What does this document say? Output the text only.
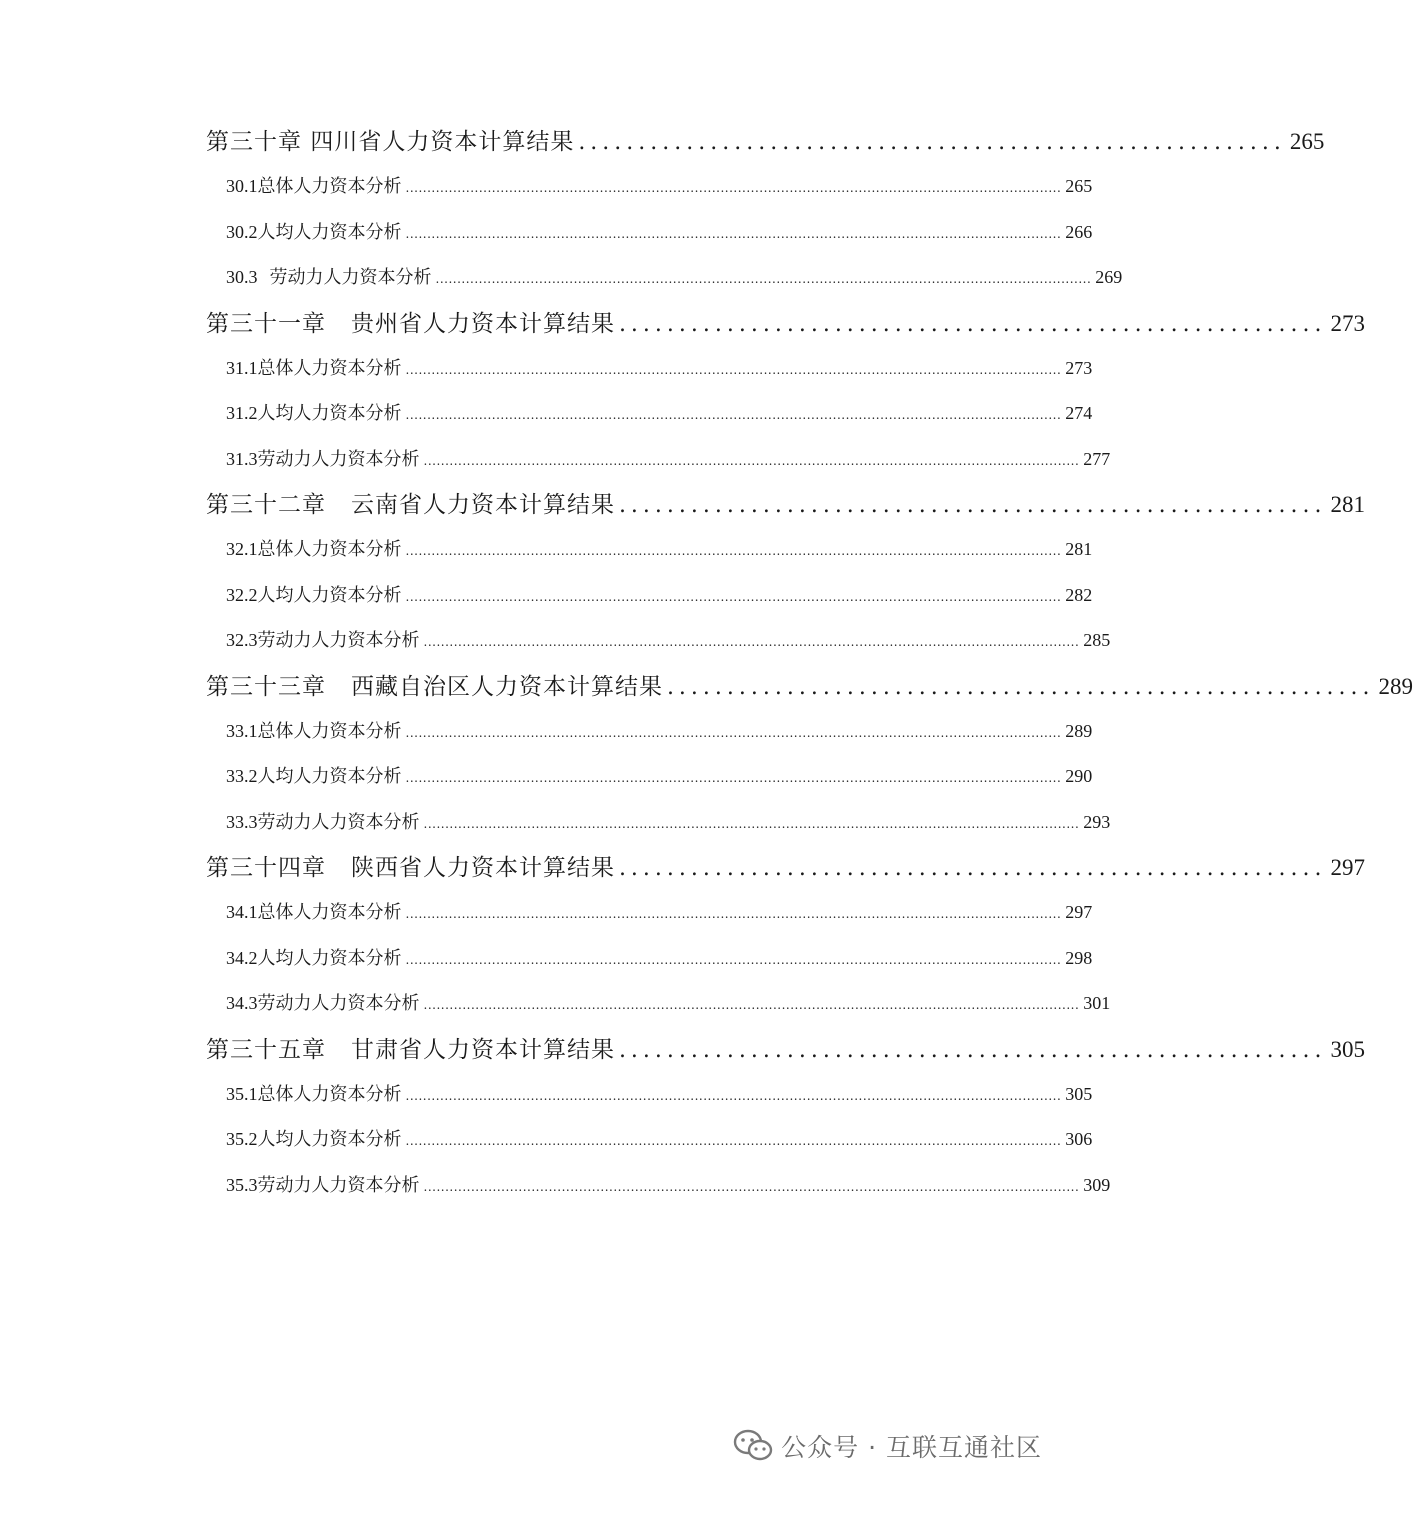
第三十章 四川省人力资本计算结果 ........................................................... 265
30.1 总体人力资本分析 ........................................................................................................................................................ 265
30.2 人均人力资本分析 ........................................................................................................................................................ 266
30.3 劳动力人力资本分析 ........................................................................................................................................................ 269
第三十一章 贵州省人力资本计算结果 ........................................................... 273
31.1 总体人力资本分析 ........................................................................................................................................................ 273
31.2 人均人力资本分析 ........................................................................................................................................................ 274
31.3 劳动力人力资本分析 ........................................................................................................................................................ 277
第三十二章 云南省人力资本计算结果 ........................................................... 281
32.1 总体人力资本分析 ........................................................................................................................................................ 281
32.2 人均人力资本分析 ........................................................................................................................................................ 282
32.3 劳动力人力资本分析 ........................................................................................................................................................ 285
第三十三章 西藏自治区人力资本计算结果 ........................................................... 289
33.1 总体人力资本分析 ........................................................................................................................................................ 289
33.2 人均人力资本分析 ........................................................................................................................................................ 290
33.3 劳动力人力资本分析 ........................................................................................................................................................ 293
第三十四章 陕西省人力资本计算结果 ........................................................... 297
34.1 总体人力资本分析 ........................................................................................................................................................ 297
34.2 人均人力资本分析 ........................................................................................................................................................ 298
34.3 劳动力人力资本分析 ........................................................................................................................................................ 301
第三十五章 甘肃省人力资本计算结果 ........................................................... 305
35.1 总体人力资本分析 ........................................................................................................................................................ 305
35.2 人均人力资本分析 ........................................................................................................................................................ 306
35.3 劳动力人力资本分析 ........................................................................................................................................................ 309
公众号 · 互联互通社区
